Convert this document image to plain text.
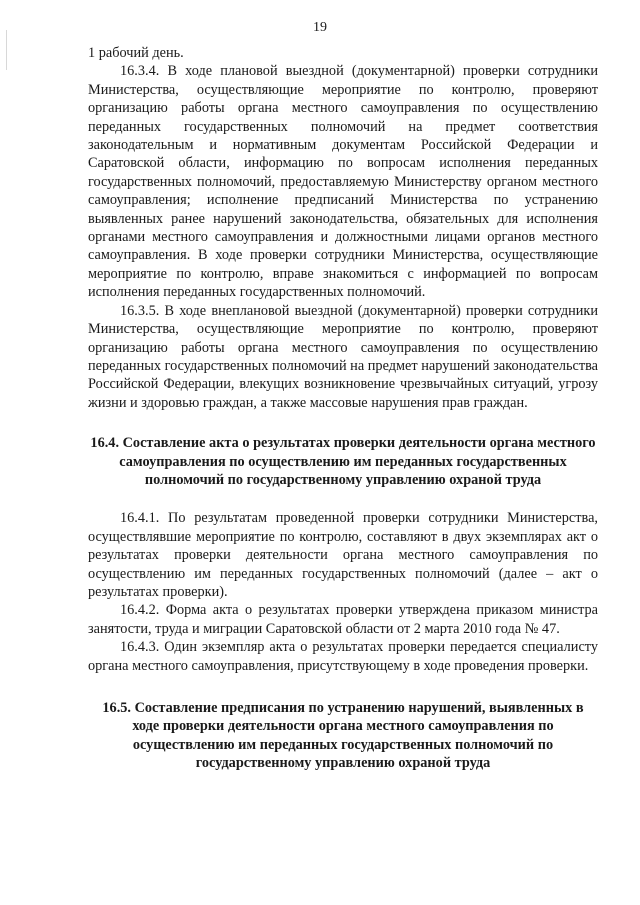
19

1 рабочий день.

16.3.4. В ходе плановой выездной (документарной) проверки сотрудники Министерства, осуществляющие мероприятие по контролю, проверяют организацию работы органа местного самоуправления по осуществлению переданных государственных полномочий на предмет соответствия законодательным и нормативным документам Российской Федерации и Саратовской области, информацию по вопросам исполнения переданных государственных полномочий, предоставляемую Министерству органом местного самоуправления; исполнение предписаний Министерства по устранению выявленных ранее нарушений законодательства, обязательных для исполнения органами местного самоуправления и должностными лицами органов местного самоуправления. В ходе проверки сотрудники Министерства, осуществляющие мероприятие по контролю, вправе знакомиться с информацией по вопросам исполнения переданных государственных полномочий.

16.3.5. В ходе внеплановой выездной (документарной) проверки сотрудники Министерства, осуществляющие мероприятие по контролю, проверяют организацию работы органа местного самоуправления по осуществлению переданных государственных полномочий на предмет нарушений законодательства Российской Федерации, влекущих возникновение чрезвычайных ситуаций, угрозу жизни и здоровью граждан, а также массовые нарушения прав граждан.

16.4. Составление акта о результатах проверки деятельности органа местного самоуправления по осуществлению им переданных государственных полномочий по государственному управлению охраной труда

16.4.1. По результатам проведенной проверки сотрудники Министерства, осуществлявшие мероприятие по контролю, составляют в двух экземплярах акт о результатах проверки деятельности органа местного самоуправления по осуществлению им переданных государственных полномочий (далее – акт о результатах проверки).

16.4.2. Форма акта о результатах проверки утверждена приказом министра занятости, труда и миграции Саратовской области от 2 марта 2010 года № 47.

16.4.3. Один экземпляр акта о результатах проверки передается специалисту органа местного самоуправления, присутствующему в ходе проведения проверки.

16.5. Составление предписания по устранению нарушений, выявленных в ходе проверки деятельности органа местного самоуправления по осуществлению им переданных государственных полномочий по государственному управлению охраной труда
